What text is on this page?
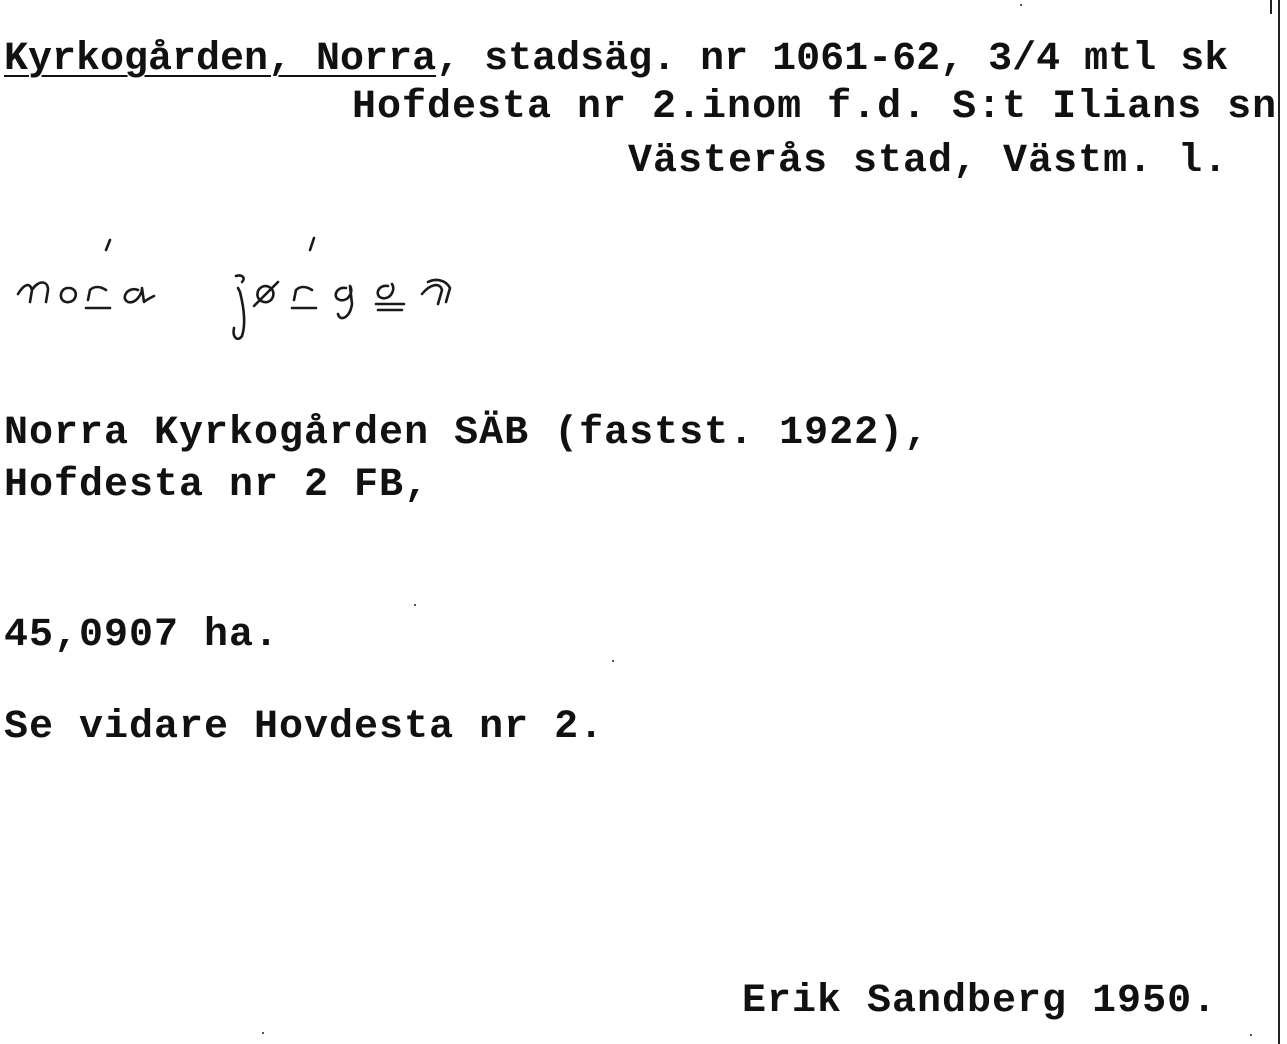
Kyrkogården, Norra, stadsäg. nr 1061-62, 3/4 mtl sk
Hofdesta nr 2.inom f.d. S:t Ilians sn
Västerås stad, Västm. l.
Norra Kyrkogården SÄB (fastst. 1922),
Hofdesta nr 2 FB,
45,0907 ha.
Se vidare Hovdesta nr 2.
Erik Sandberg 1950.
